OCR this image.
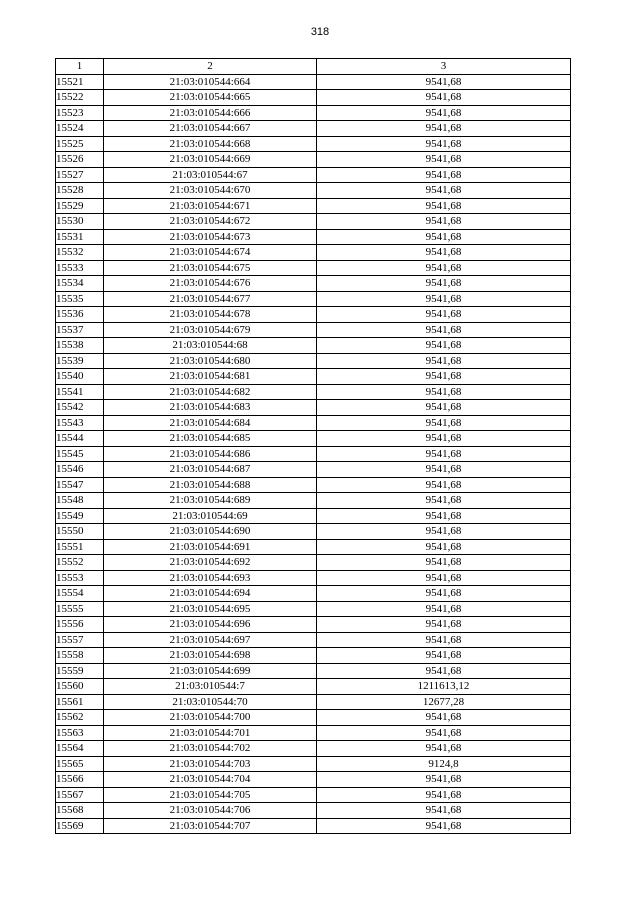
318
1	2	3
15521	21:03:010544:664	9541,68
15522	21:03:010544:665	9541,68
15523	21:03:010544:666	9541,68
15524	21:03:010544:667	9541,68
15525	21:03:010544:668	9541,68
15526	21:03:010544:669	9541,68
15527	21:03:010544:67	9541,68
15528	21:03:010544:670	9541,68
15529	21:03:010544:671	9541,68
15530	21:03:010544:672	9541,68
15531	21:03:010544:673	9541,68
15532	21:03:010544:674	9541,68
15533	21:03:010544:675	9541,68
15534	21:03:010544:676	9541,68
15535	21:03:010544:677	9541,68
15536	21:03:010544:678	9541,68
15537	21:03:010544:679	9541,68
15538	21:03:010544:68	9541,68
15539	21:03:010544:680	9541,68
15540	21:03:010544:681	9541,68
15541	21:03:010544:682	9541,68
15542	21:03:010544:683	9541,68
15543	21:03:010544:684	9541,68
15544	21:03:010544:685	9541,68
15545	21:03:010544:686	9541,68
15546	21:03:010544:687	9541,68
15547	21:03:010544:688	9541,68
15548	21:03:010544:689	9541,68
15549	21:03:010544:69	9541,68
15550	21:03:010544:690	9541,68
15551	21:03:010544:691	9541,68
15552	21:03:010544:692	9541,68
15553	21:03:010544:693	9541,68
15554	21:03:010544:694	9541,68
15555	21:03:010544:695	9541,68
15556	21:03:010544:696	9541,68
15557	21:03:010544:697	9541,68
15558	21:03:010544:698	9541,68
15559	21:03:010544:699	9541,68
15560	21:03:010544:7	1211613,12
15561	21:03:010544:70	12677,28
15562	21:03:010544:700	9541,68
15563	21:03:010544:701	9541,68
15564	21:03:010544:702	9541,68
15565	21:03:010544:703	9124,8
15566	21:03:010544:704	9541,68
15567	21:03:010544:705	9541,68
15568	21:03:010544:706	9541,68
15569	21:03:010544:707	9541,68
